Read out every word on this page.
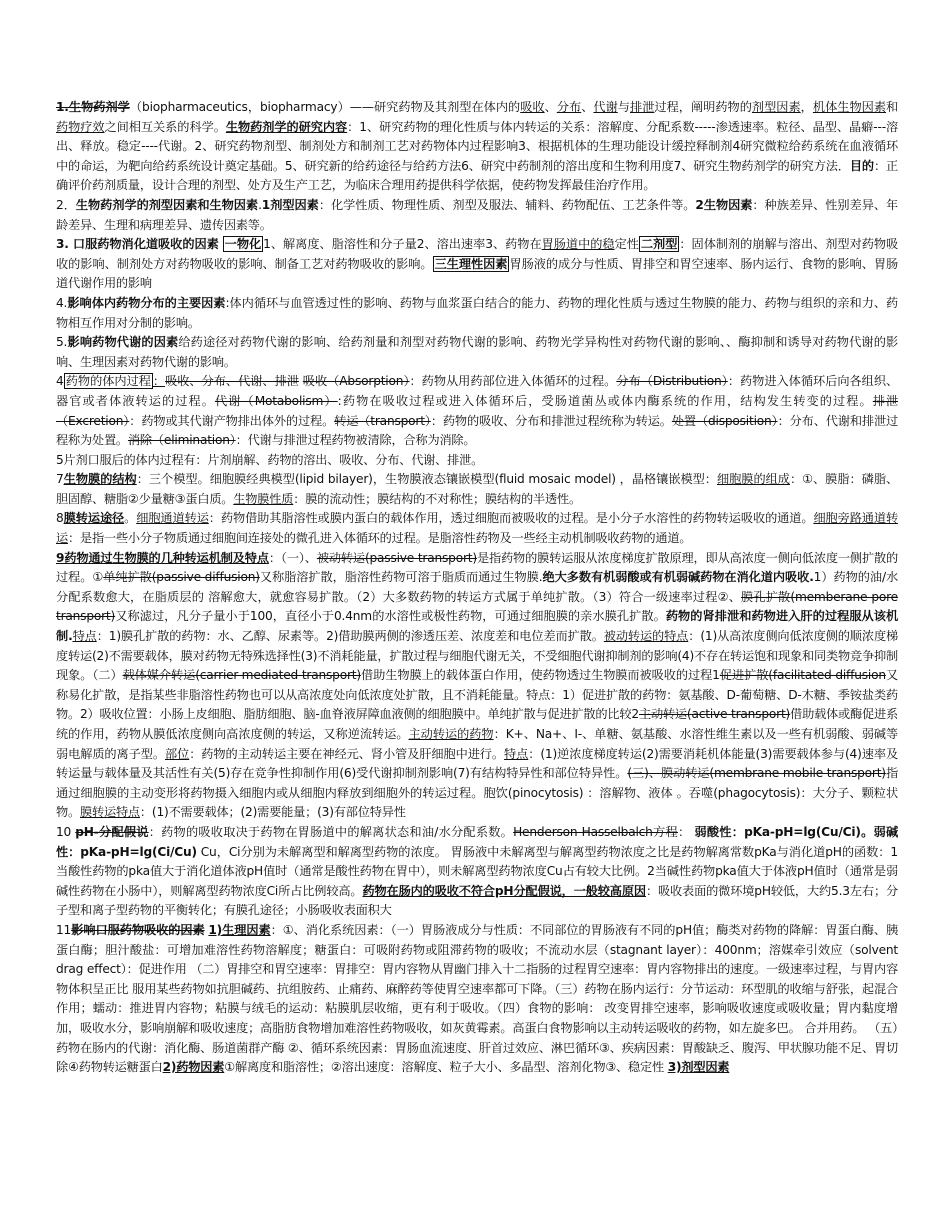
1.生物药剂学（biopharmaceutics，biopharmacy）——研究药物及其剂型在体内的吸收、分布、代谢与排泄过程，阐明药物的剂型因素，机体生物因素和药物疗效之间相互关系的科学。生物药剂学的研究内容：1、研究药物的理化性质与体内转运的关系：溶解度、分配系数-----渗透速率。粒径、晶型、晶癖---溶出、释放。稳定----代谢。2、研究药物剂型、制剂处方和制剂工艺对药物体内过程影响3、根据机体的生理功能设计缓控释制剂4研究微粒给药系统在血液循环中的命运，为靶向给药系统设计奠定基础。5、研究新的给药途径与给药方法6、研究中药制剂的溶出度和生物利用度7、研究生物药剂学的研究方法．目的：正确评价药剂质量，设计合理的剂型、处方及生产工艺，为临床合理用药提供科学依据，使药物发挥最佳治疗作用。

2．生物药剂学的剂型因素和生物因素.1剂型因素：化学性质、物理性质、剂型及服法、辅料、药物配伍、工艺条件等。2生物因素：种族差异、性别差异、年龄差异、生理和病理差异、遗传因素等。

3. 口服药物消化道吸收的因素 一物化 1、解离度、脂溶性和分子量2、溶出速率3、药物在胃肠道中的稳定性 二剂型 ：固体制剂的崩解与溶出、剂型对药物吸收的影响、制剂处方对药物吸收的影响、制备工艺对药物吸收的影响。 三生理性因素 胃肠液的成分与性质、胃排空和胃空速率、肠内运行、食物的影响、胃肠道代谢作用的影响

4.影响体内药物分布的主要因素:体内循环与血管透过性的影响、药物与血浆蛋白结合的能力、药物的理化性质与透过生物膜的能力、药物与组织的亲和力、药物相互作用对分制的影响。

5.影响药物代谢的因素给药途径对药物代谢的影响、给药剂量和剂型对药物代谢的影响、药物光学异构性对药物代谢的影响、、酶抑制和诱导对药物代谢的影响、生理因素对药物代谢的影响。

4 药物的体内过程 ：吸收、分布、代谢、排泄 吸收（Absorption）：药物从用药部位进入体循环的过程。分布（Distribution）：药物进入体循环后向各组织、器官或者体液转运的过程。代谢（Motabolism）:药物在吸收过程或进入体循环后，受肠道菌丛或体内酶系统的作用，结构发生转变的过程。排泄（Excretion）：药物或其代谢产物排出体外的过程。转运（transport）：药物的吸收、分布和排泄过程统称为转运。处置（disposition）：分布、代谢和排泄过程称为处置。消除（elimination）：代谢与排泄过程药物被清除，合称为消除。

5片剂口服后的体内过程有：片剂崩解、药物的溶出、吸收、分布、代谢、排泄。

7生物膜的结构：三个模型。细胞膜经典模型(lipid bilayer)，生物膜液态镶嵌模型(fluid mosaic model) ，晶格镶嵌模型：细胞膜的组成：①、膜脂：磷脂、胆固醇、糖脂②少量糖③蛋白质。生物膜性质：膜的流动性；膜结构的不对称性；膜结构的半透性。

8膜转运途径。细胞通道转运：药物借助其脂溶性或膜内蛋白的载体作用，透过细胞而被吸收的过程。是小分子水溶性的药物转运吸收的通道。细胞旁路通道转运：是指一些小分子物质通过细胞间连接处的微孔进入体循环的过程。是脂溶性药物及一些经主动机制吸收药物的通道。

9药物通过生物膜的几种转运机制及特点：（一）、被动转运(passive transport)是指药物的膜转运服从浓度梯度扩散原理，即从高浓度一侧向低浓度一侧扩散的过程。①单纯扩散(passive diffusion)又称脂溶扩散，脂溶性药物可溶于脂质而通过生物膜.绝大多数有机弱酸或有机弱碱药物在消化道内吸收.1）药物的油/水分配系数愈大，在脂质层的 溶解愈大，就愈容易扩散。（2）大多数药物的转运方式属于单纯扩散。（3）符合一级速率过程②、膜孔扩散(memberane pore transport)又称滤过，凡分子量小于100，直径小于0.4nm的水溶性或极性药物，可通过细胞膜的亲水膜孔扩散。药物的肾排泄和药物进入肝的过程服从该机制.特点：1)膜孔扩散的药物：水、乙醇、尿素等。2)借助膜两侧的渗透压差、浓度差和电位差而扩散。被动转运的特点：(1)从高浓度侧向低浓度侧的顺浓度梯度转运(2)不需要载体，膜对药物无特殊选择性(3)不消耗能量，扩散过程与细胞代谢无关，不受细胞代谢抑制剂的影响(4)不存在转运饱和现象和同类物竞争抑制现象。（二）载体媒介转运(carrier-mediated transport)借助生物膜上的载体蛋白作用，使药物透过生物膜而被吸收的过程1促进扩散(facilitated diffusion又称易化扩散，是指某些非脂溶性药物也可以从高浓度处向低浓度处扩散，且不消耗能量。特点：1）促进扩散的药物：氨基酸、D-葡萄糖、D-木糖、季铵盐类药物。2）吸收位置：小肠上皮细胞、脂肪细胞、脑-血脊液屏障血液侧的细胞膜中。单纯扩散与促进扩散的比较2主动转运(active transport)借助载体或酶促进系统的作用，药物从膜低浓度侧向高浓度侧的转运，又称逆流转运。主动转运的药物：K+、Na+、I-、单糖、氨基酸、水溶性维生素以及一些有机弱酸、弱碱等弱电解质的离子型。部位：药物的主动转运主要在神经元、肾小管及肝细胞中进行。特点：(1)逆浓度梯度转运(2)需要消耗机体能量(3)需要载体参与(4)速率及转运量与载体量及其活性有关(5)存在竞争性抑制作用(6)受代谢抑制剂影响(7)有结构特异性和部位特异性。(三)、膜动转运(membrane mobile transport)指通过细胞膜的主动变形将药物摄入细胞内或从细胞内释放到细胞外的转运过程。胞饮(pinocytosis) ：溶解物、液体 。吞噬(phagocytosis)：大分子、颗粒状物。膜转运特点：(1)不需要载体；(2)需要能量；(3)有部位特异性

10 pH-分配假说：药物的吸收取决于药物在胃肠道中的解离状态和油/水分配系数。Henderson-Hasselbalch方程： 弱酸性：pKa-pH=lg(Cu/Ci)。弱碱性：pKa-pH=lg(Ci/Cu) Cu，Ci分别为未解离型和解离型药物的浓度。 胃肠液中未解离型与解离型药物浓度之比是药物解离常数pKa与消化道pH的函数：1当酸性药物的pka值大于消化道体液pH值时（通常是酸性药物在胃中），则未解离型药物浓度Cu占有较大比例。2当碱性药物pka值大于体液pH值时（通常是弱碱性药物在小肠中），则解离型药物浓度Ci所占比例较高。药物在肠内的吸收不符合pH分配假说，一般较高原因：吸收表面的微环境pH较低，大约5.3左右；分子型和离子型药物的平衡转化；有膜孔途径；小肠吸收表面积大

11影响口服药物吸收的因素 1)生理因素：①、消化系统因素：（一）胃肠液成分与性质：不同部位的胃肠液有不同的pH值；酶类对药物的降解：胃蛋白酶、胰蛋白酶；胆汁酸盐：可增加难溶性药物溶解度；糖蛋白：可吸附药物或阻滞药物的吸收；不流动水层（stagnant layer）：400nm；溶媒牵引效应（solvent drag effect）：促进作用 （二）胃排空和胃空速率：胃排空：胃内容物从胃幽门排入十二指肠的过程胃空速率：胃内容物排出的速度。一级速率过程，与胃内容物体积呈正比 服用某些药物如抗胆碱药、抗组胺药、止痛药、麻醉药等使胃空速率都可下降。（三）药物在肠内运行：分节运动：环型肌的收缩与舒张，起混合作用；蠕动：推进胃内容物；粘膜与绒毛的运动：粘膜肌层收缩，更有利于吸收。（四）食物的影响： 改变胃排空速率，影响吸收速度或吸收量；胃内黏度增加，吸收水分，影响崩解和吸收速度；高脂肪食物增加难溶性药物吸收，如灰黄霉素。高蛋白食物影响以主动转运吸收的药物，如左旋多巴。 合并用药。 （五）药物在肠内的代谢：消化酶、肠道菌群产酶 ②、循环系统因素：胃肠血流速度、肝首过效应、淋巴循环③、疾病因素：胃酸缺乏、腹泻、甲状腺功能不足、胃切除④药物转运糖蛋白2)药物因素①解离度和脂溶性；②溶出速度：溶解度、粒子大小、多晶型、溶剂化物③、稳定性 3)剂型因素
